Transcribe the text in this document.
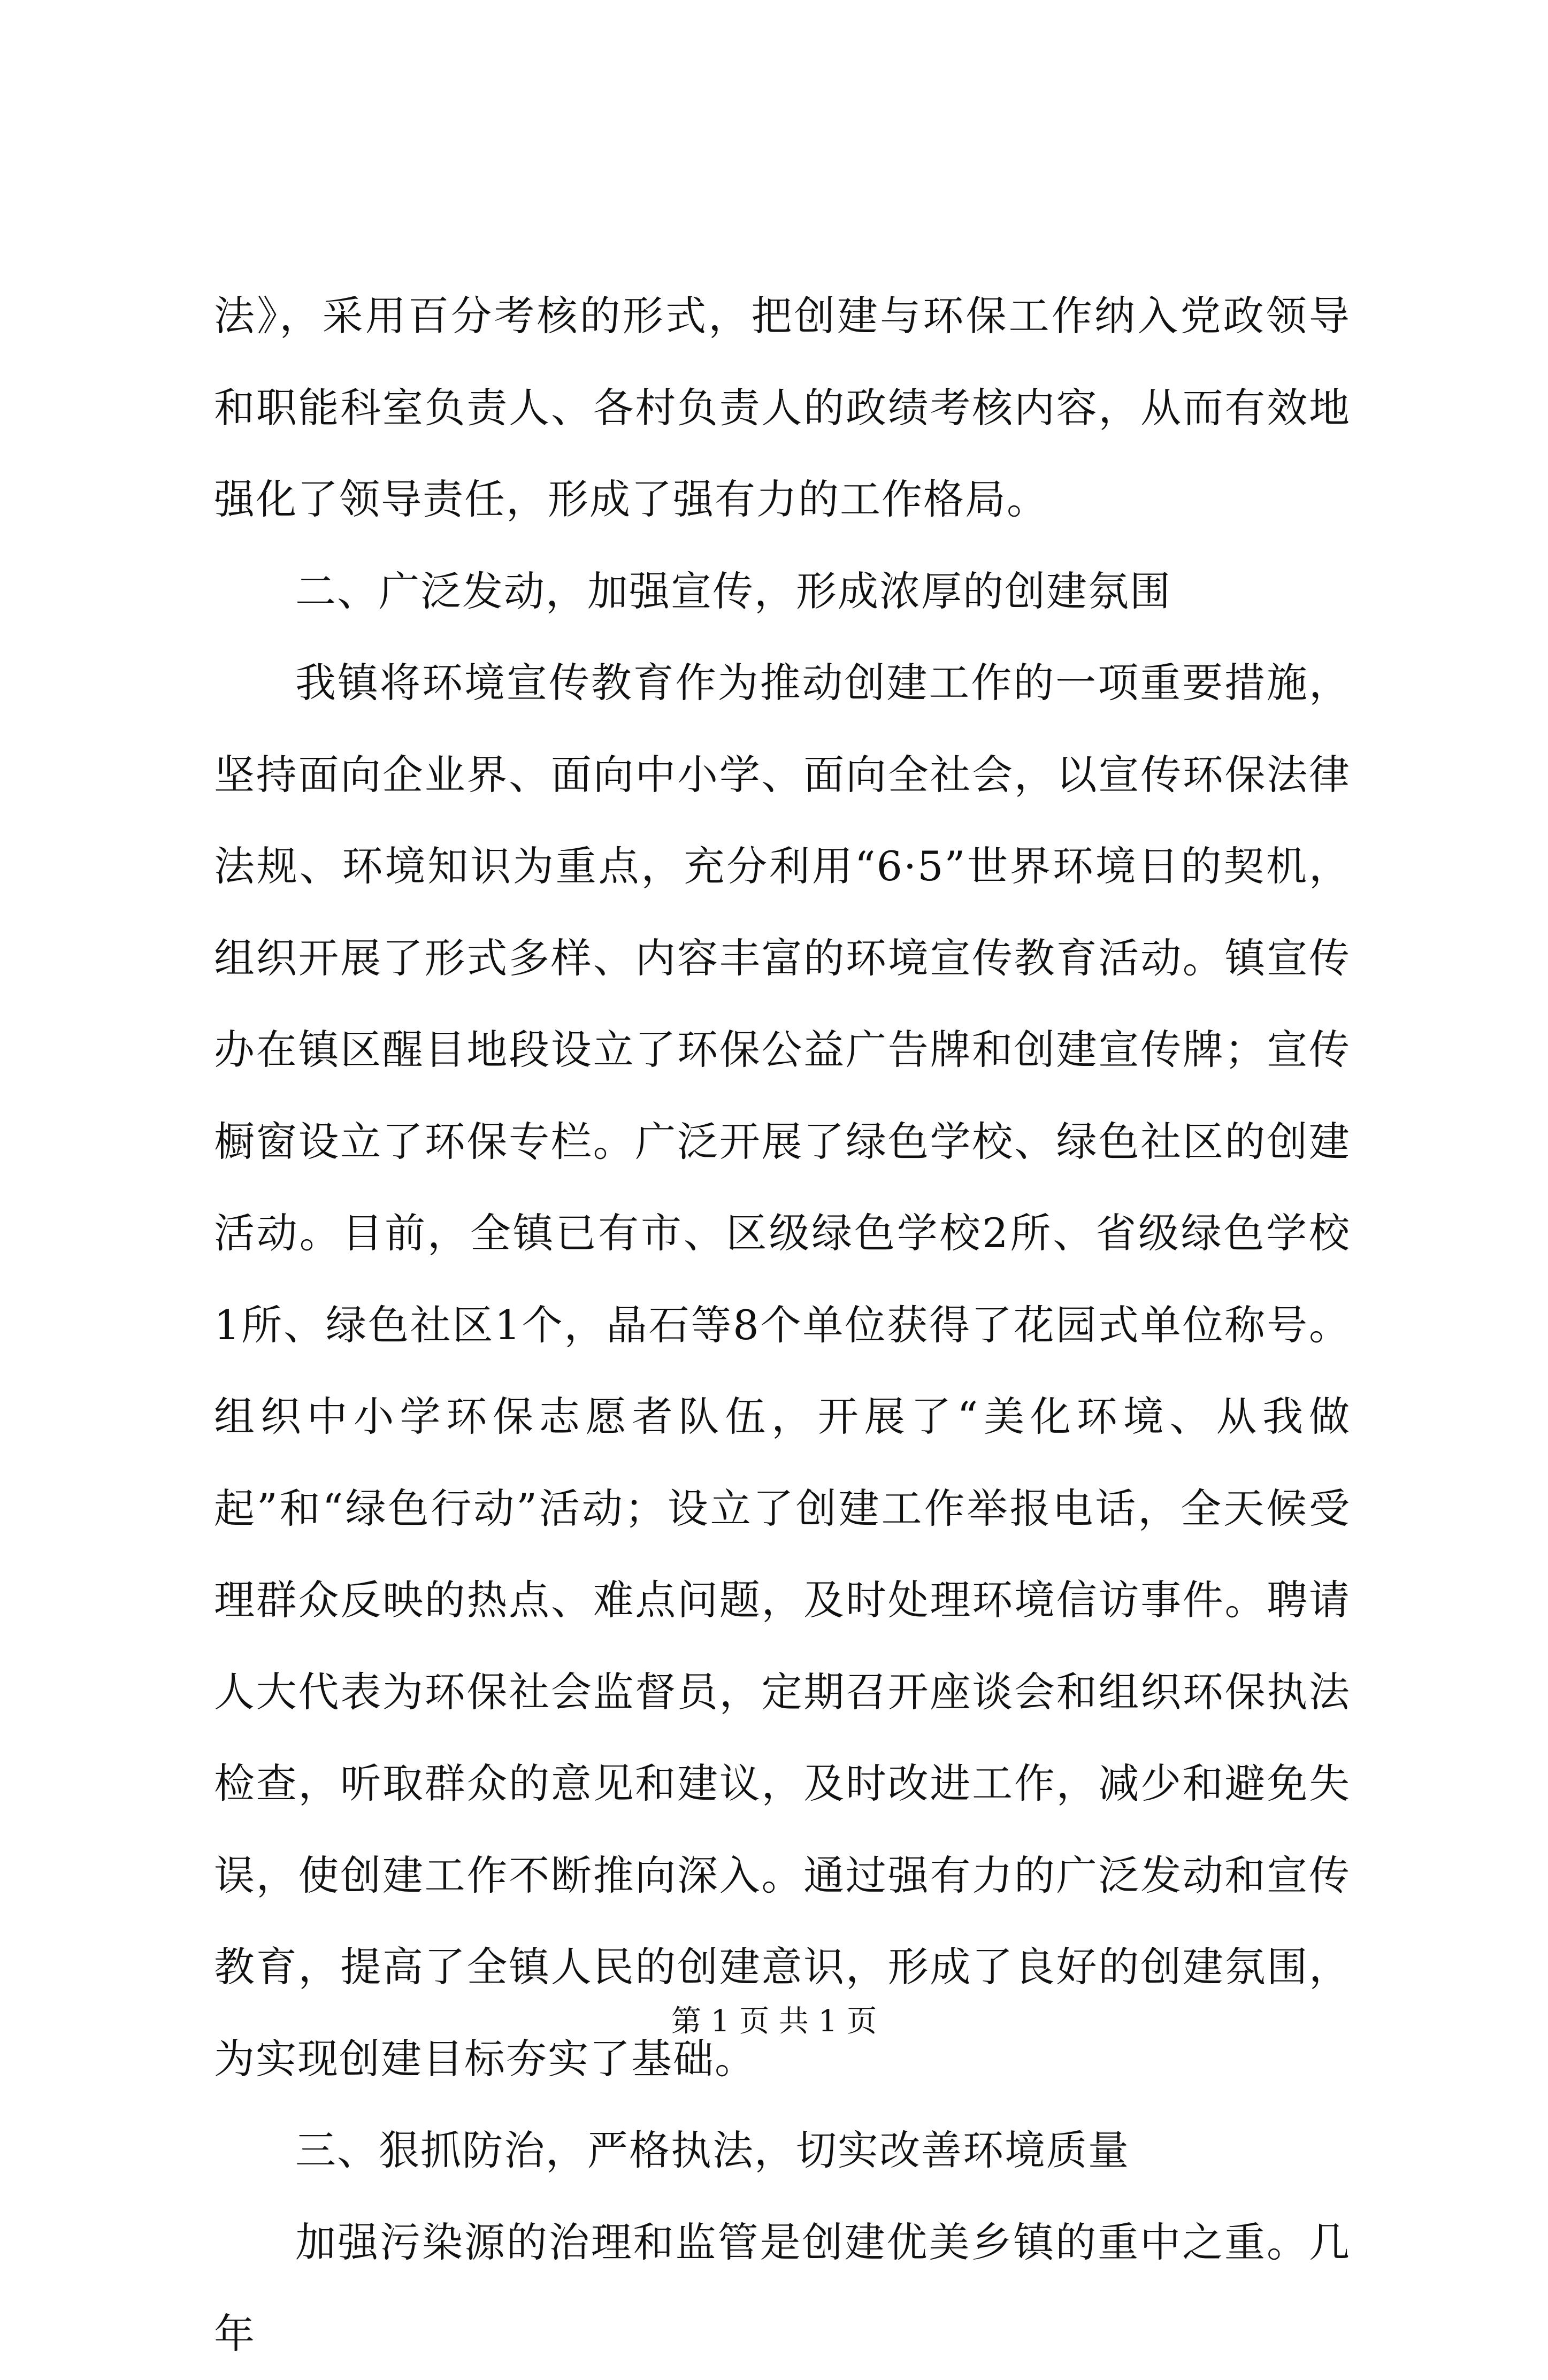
法》，采用百分考核的形式，把创建与环保工作纳入党政领导和职能科室负责人、各村负责人的政绩考核内容，从而有效地强化了领导责任，形成了强有力的工作格局。

二、广泛发动，加强宣传，形成浓厚的创建氛围

我镇将环境宣传教育作为推动创建工作的一项重要措施，坚持面向企业界、面向中小学、面向全社会，以宣传环保法律法规、环境知识为重点，充分利用“6·5”世界环境日的契机，组织开展了形式多样、内容丰富的环境宣传教育活动。镇宣传办在镇区醒目地段设立了环保公益广告牌和创建宣传牌；宣传橱窗设立了环保专栏。广泛开展了绿色学校、绿色社区的创建活动。目前，全镇已有市、区级绿色学校2所、省级绿色学校1所、绿色社区1个，晶石等8个单位获得了花园式单位称号。组织中小学环保志愿者队伍，开展了“美化环境、从我做起”和“绿色行动”活动；设立了创建工作举报电话，全天候受理群众反映的热点、难点问题，及时处理环境信访事件。聘请人大代表为环保社会监督员，定期召开座谈会和组织环保执法检查，听取群众的意见和建议，及时改进工作，减少和避免失误，使创建工作不断推向深入。通过强有力的广泛发动和宣传教育，提高了全镇人民的创建意识，形成了良好的创建氛围，为实现创建目标夯实了基础。

三、狠抓防治，严格执法，切实改善环境质量

加强污染源的治理和监管是创建优美乡镇的重中之重。几年

第 1 页 共 1 页
